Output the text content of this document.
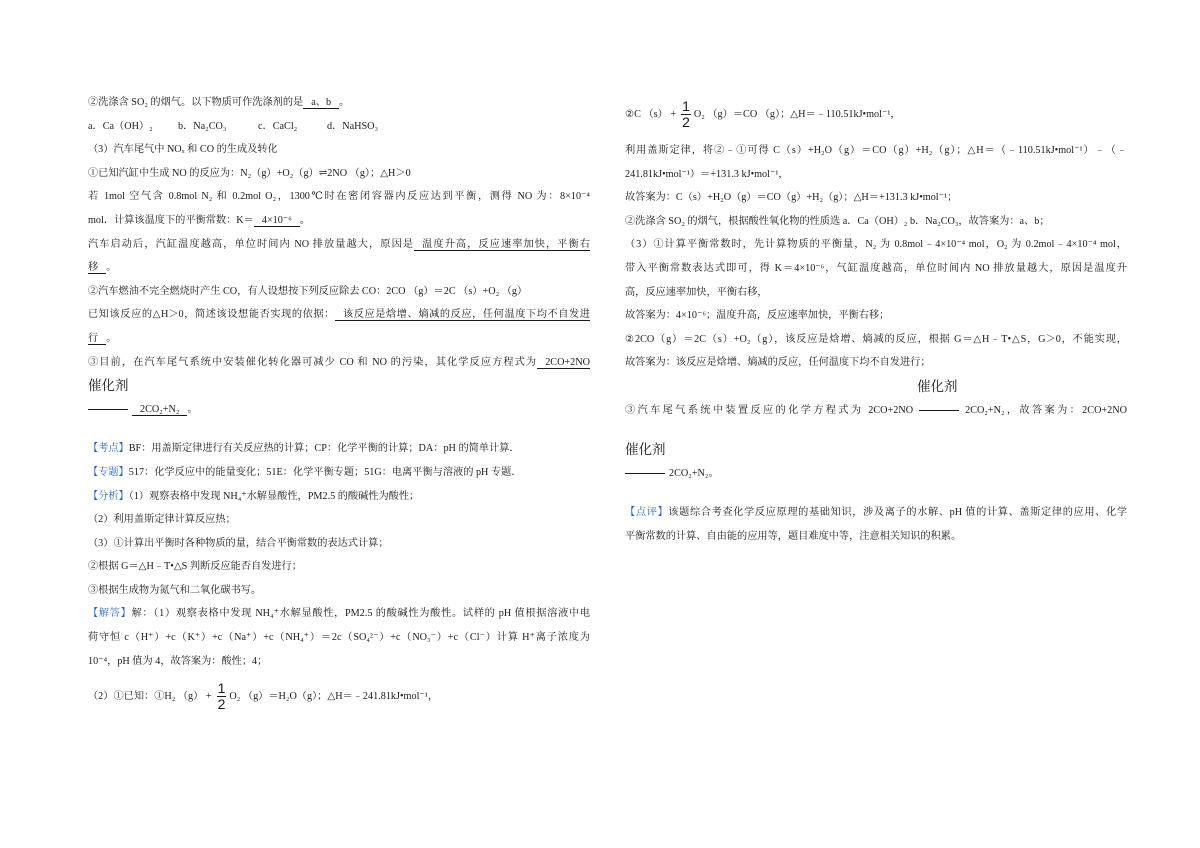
②洗涤含 SO₂ 的烟气。以下物质可作洗涤剂的是 a、b 。
a．Ca（OH）₂ b．Na₂CO₃	c．CaCl₂	d．NaHSO₃
（3）汽车尾气中 NOₓ 和 CO 的生成及转化
①已知汽缸中生成 NO 的反应为：N₂（g）+O₂（g）⇌2NO （g）；△H＞0
若 1mol 空气含 0.8mol N₂ 和 0.2mol O₂，1300℃时在密闭容器内反应达到平衡，测得 NO 为：8×10⁻⁴
mol．计算该温度下的平衡常数：K＝ 4×10⁻⁶ 。
汽车启动后，汽缸温度越高，单位时间内 NO 排放量越大，原因是 温度升高，反应速率加快，平衡右
移 。
②汽车燃油不完全燃烧时产生 CO，有人设想按下列反应除去 CO：2CO （g）＝2C （s）+O₂ （g）
已知该反应的△H＞0，简述该设想能否实现的依据： 该反应是焓增、熵减的反应，任何温度下均不自发进
行 。
③目前，在汽车尾气系统中安装催化转化器可减少 CO 和 NO 的污染，其化学反应方程式为 2CO+2NO
催化剂
2CO₂+N₂ 。
【考点】BF：用盖斯定律进行有关反应热的计算；CP：化学平衡的计算；DA：pH 的简单计算．
【专题】517：化学反应中的能量变化；51E：化学平衡专题；51G：电离平衡与溶液的 pH 专题．
【分析】（1）观察表格中发现 NH₄⁺水解显酸性，PM2.5 的酸碱性为酸性；
（2）利用盖斯定律计算反应热；
（3）①计算出平衡时各种物质的量，结合平衡常数的表达式计算；
②根据 G＝△H﹣T•△S 判断反应能否自发进行；
③根据生成物为氮气和二氧化碳书写。
【解答】解：（1）观察表格中发现 NH₄⁺水解显酸性，PM2.5 的酸碱性为酸性。试样的 pH 值根据溶液中电
荷守恒 c（H⁺）+c（K⁺）+c（Na⁺）+c（NH₄⁺）＝2c（SO₄²⁻）+c（NO₃⁻）+c（Cl⁻）计算 H⁺离子浓度为
10⁻⁴，pH 值为 4，故答案为：酸性；4；
（2）①已知：①H₂ $(g) + \frac{1}{2} O_2$ （g）＝H₂O（g）；△H＝﹣241.81kJ•mol⁻¹，
②C $(s) + \frac{1}{2} O_2$ （g）＝CO （g）；△H＝﹣110.51kJ•mol⁻¹，
利用盖斯定律，将②﹣①可得 C（s）+H₂O（g）＝CO（g）+H₂（g）；△H＝（﹣110.51kJ•mol⁻¹）﹣（﹣
241.81kJ•mol⁻¹）＝+131.3 kJ•mol⁻¹，
故答案为：C（s）+H₂O（g）＝CO（g）+H₂（g）；△H＝+131.3 kJ•mol⁻¹；
②洗涤含 SO₂ 的烟气，根据酸性氧化物的性质选 a．Ca（OH）₂ b．Na₂CO₃，故答案为：a、b；
（3）①计算平衡常数时，先计算物质的平衡量，N₂ 为 0.8mol﹣4×10⁻⁴ mol，O₂ 为 0.2mol﹣4×10⁻⁴ mol，
带入平衡常数表达式即可，得 K＝4×10⁻⁶，气缸温度越高，单位时间内 NO 排放量越大，原因是温度升
高，反应速率加快，平衡右移，
故答案为：4×10⁻⁶；温度升高，反应速率加快，平衡右移；
②2CO（g）＝2C（s）+O₂（g），该反应是焓增、熵减的反应，根据 G＝△H﹣T•△S，G＞0，不能实现，
故答案为：该反应是焓增、熵减的反应，任何温度下均不自发进行；
催化剂
③汽车尾气系统中装置反应的化学方程式为 2CO+2NO	2CO₂+N₂，故答案为：2CO+2NO
催化剂
2CO₂+N₂。
【点评】该题综合考查化学反应原理的基础知识，涉及离子的水解、pH 值的计算、盖斯定律的应用、化学
平衡常数的计算、自由能的应用等，题目难度中等，注意相关知识的积累。
